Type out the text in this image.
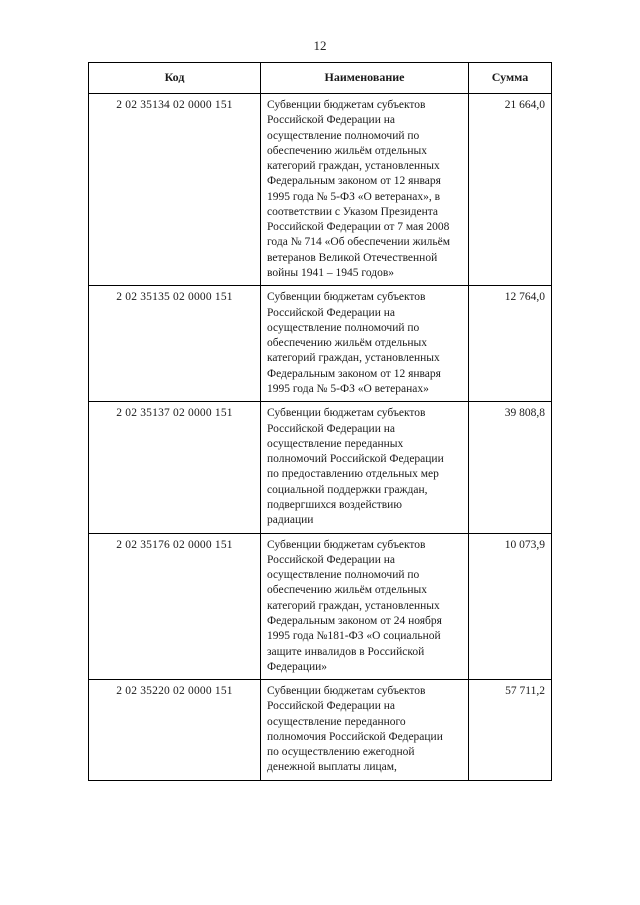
12
Код	Наименование	Сумма
2 02 35134 02 0000 151	Субвенции бюджетам субъектов
Российской Федерации на
осуществление полномочий по
обеспечению жильём отдельных
категорий граждан, установленных
Федеральным законом от 12 января
1995 года № 5-ФЗ «О ветеранах», в
соответствии с Указом Президента
Российской Федерации от 7 мая 2008
года № 714 «Об обеспечении жильём
ветеранов Великой Отечественной
войны 1941 – 1945 годов»
	21 664,0
2 02 35135 02 0000 151	Субвенции бюджетам субъектов
Российской Федерации на
осуществление полномочий по
обеспечению жильём отдельных
категорий граждан, установленных
Федеральным законом от 12 января
1995 года № 5-ФЗ «О ветеранах»
	12 764,0
2 02 35137 02 0000 151	Субвенции бюджетам субъектов
Российской Федерации на
осуществление переданных
полномочий Российской Федерации
по предоставлению отдельных мер
социальной поддержки граждан,
подвергшихся воздействию
радиации
	39 808,8
2 02 35176 02 0000 151	Субвенции бюджетам субъектов
Российской Федерации на
осуществление полномочий по
обеспечению жильём отдельных
категорий граждан, установленных
Федеральным законом от 24 ноября
1995 года №181-ФЗ «О социальной
защите инвалидов в Российской
Федерации»
	10 073,9
2 02 35220 02 0000 151	Субвенции бюджетам субъектов
Российской Федерации на
осуществление переданного
полномочия Российской Федерации
по осуществлению ежегодной
денежной выплаты лицам,
	57 711,2
